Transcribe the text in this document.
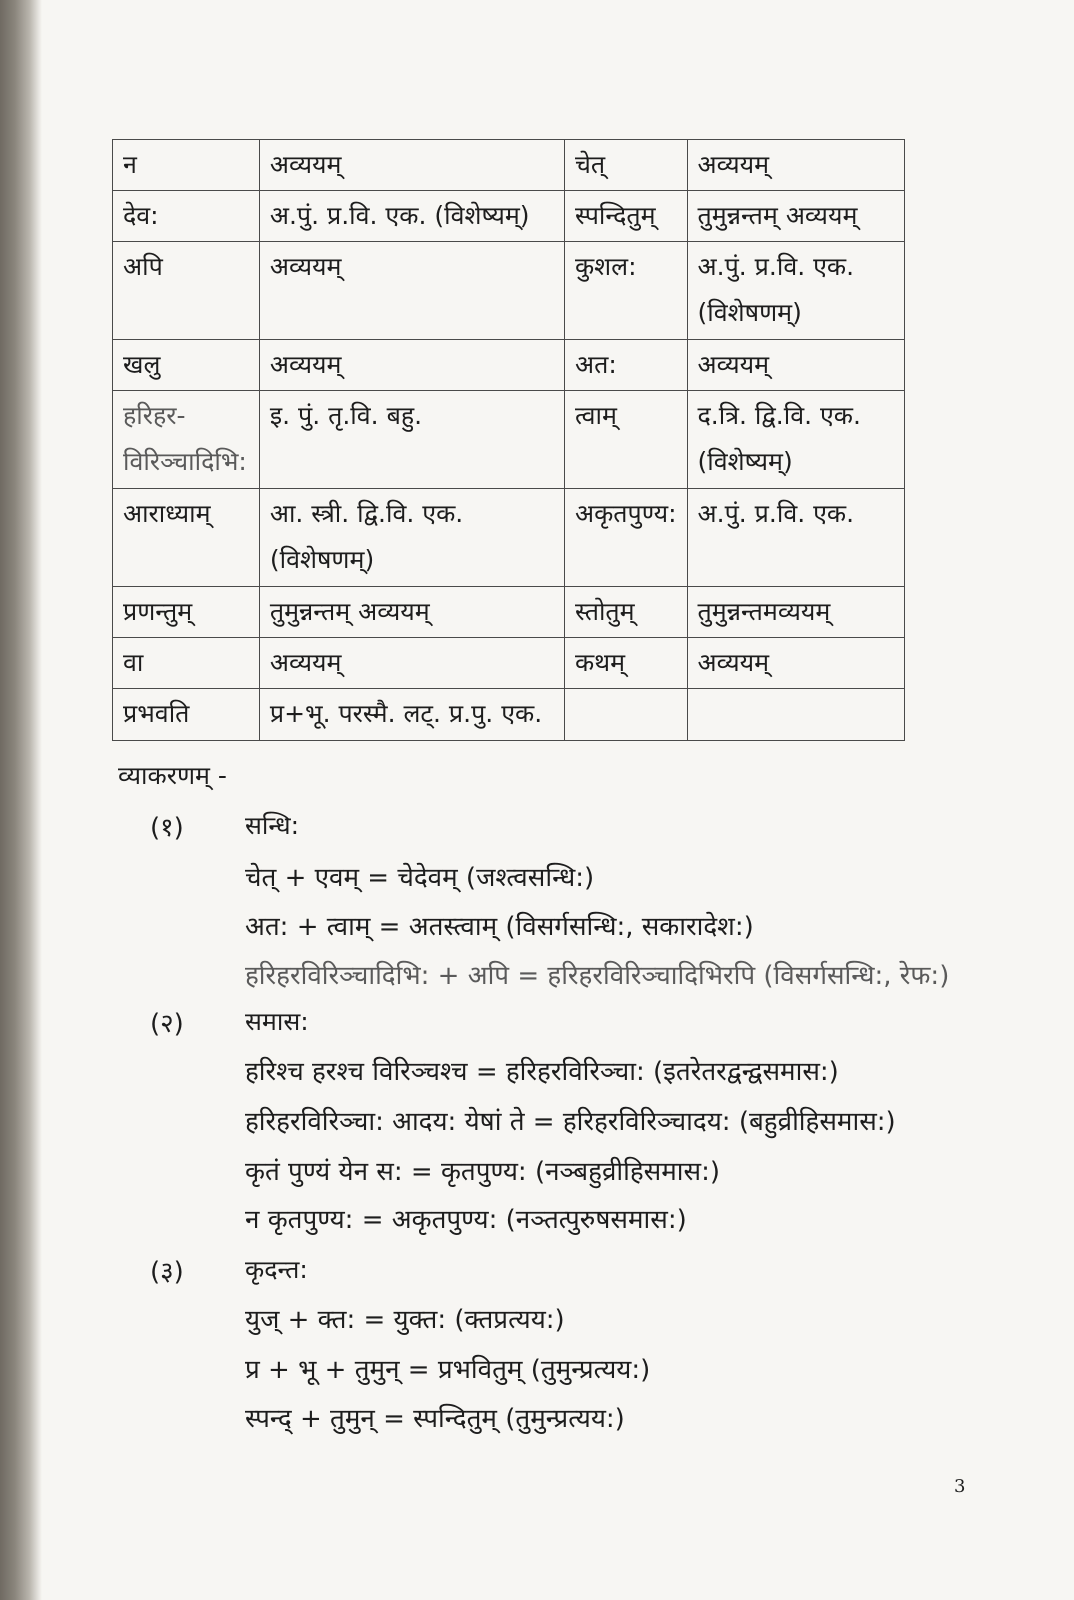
न	अव्ययम्	चेत्	अव्ययम्
देव:	अ.पुं. प्र.वि. एक. (विशेष्यम्)	स्पन्दितुम्	तुमुन्नन्तम् अव्ययम्
अपि	अव्ययम्	कुशल:	अ.पुं. प्र.वि. एक. (विशेषणम्)
खलु	अव्ययम्	अत:	अव्ययम्
हरिहर-विरिञ्चादिभि:	इ. पुं. तृ.वि. बहु.	त्वाम्	द.त्रि. द्वि.वि. एक. (विशेष्यम्)
आराध्याम्	आ. स्त्री. द्वि.वि. एक. (विशेषणम्)	अकृतपुण्य:	अ.पुं. प्र.वि. एक.
प्रणन्तुम्	तुमुन्नन्तम् अव्ययम्	स्तोतुम्	तुमुन्नन्तमव्ययम्
वा	अव्ययम्	कथम्	अव्ययम्
प्रभवति	प्र+भू. परस्मै. लट्. प्र.पु. एक.		
व्याकरणम् -
(१) सन्धि:
चेत् + एवम् = चेदेवम् (जश्त्वसन्धि:)
अत: + त्वाम् = अतस्त्वाम् (विसर्गसन्धि:, सकारादेश:)
हरिहरविरिञ्चादिभि: + अपि = हरिहरविरिञ्चादिभिरपि (विसर्गसन्धि:, रेफ:)
(२) समास:
हरिश्च हरश्च विरिञ्चश्च = हरिहरविरिञ्चा: (इतरेतरद्वन्द्वसमास:)
हरिहरविरिञ्चा: आदय: येषां ते = हरिहरविरिञ्चादय: (बहुव्रीहिसमास:)
कृतं पुण्यं येन स: = कृतपुण्य: (नञ्बहुव्रीहिसमास:)
न कृतपुण्य: = अकृतपुण्य: (नञ्तत्पुरुषसमास:)
(३) कृदन्त:
युज् + क्त: = युक्त: (क्तप्रत्यय:)
प्र + भू + तुमुन् = प्रभवितुम् (तुमुन्प्रत्यय:)
स्पन्द् + तुमुन् = स्पन्दितुम् (तुमुन्प्रत्यय:)
3
